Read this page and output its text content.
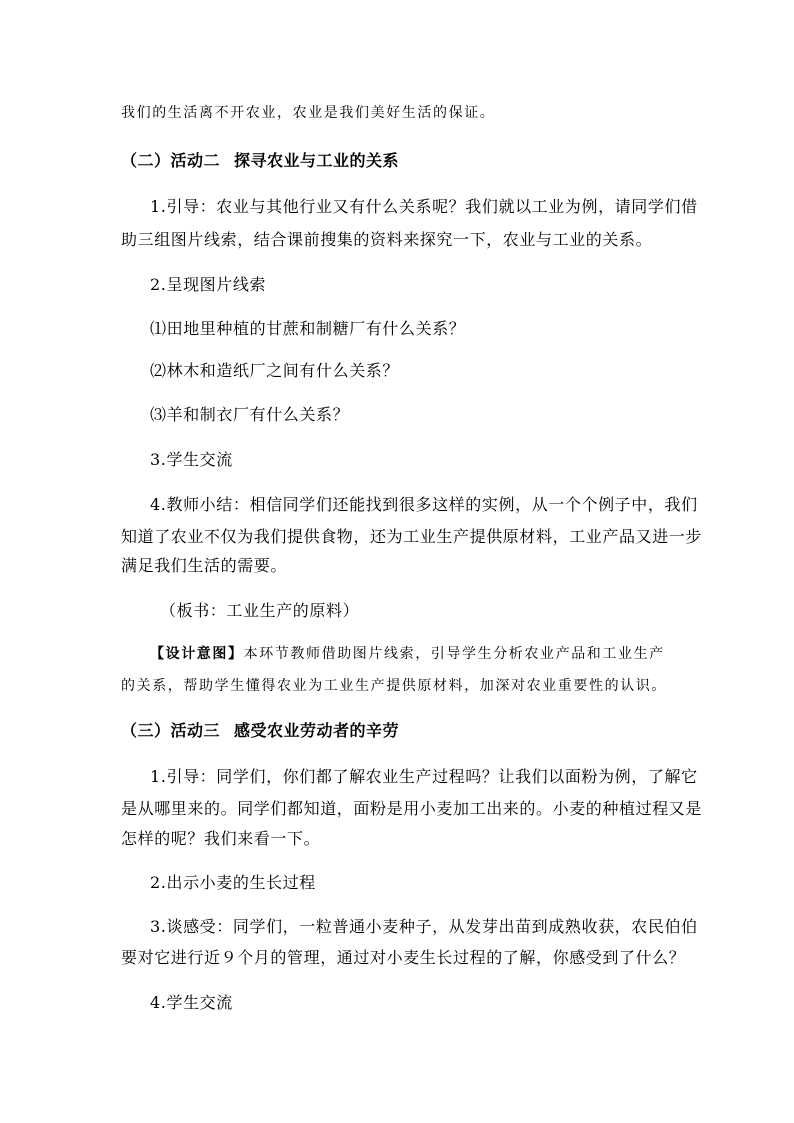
我们的生活离不开农业，农业是我们美好生活的保证。
（二）活动二 探寻农业与工业的关系
1.引导：农业与其他行业又有什么关系呢？我们就以工业为例，请同学们借
助三组图片线索，结合课前搜集的资料来探究一下，农业与工业的关系。
2.呈现图片线索
⑴田地里种植的甘蔗和制糖厂有什么关系？
⑵林木和造纸厂之间有什么关系？
⑶羊和制衣厂有什么关系？
3.学生交流
4.教师小结：相信同学们还能找到很多这样的实例，从一个个例子中，我们
知道了农业不仅为我们提供食物，还为工业生产提供原材料，工业产品又进一步
满足我们生活的需要。
（板书：工业生产的原料）
【设计意图】本环节教师借助图片线索，引导学生分析农业产品和工业生产
的关系，帮助学生懂得农业为工业生产提供原材料，加深对农业重要性的认识。
（三）活动三 感受农业劳动者的辛劳
1.引导：同学们，你们都了解农业生产过程吗？让我们以面粉为例，了解它
是从哪里来的。同学们都知道，面粉是用小麦加工出来的。小麦的种植过程又是
怎样的呢？我们来看一下。
2.出示小麦的生长过程
3.谈感受：同学们，一粒普通小麦种子，从发芽出苗到成熟收获，农民伯伯
要对它进行近９个月的管理，通过对小麦生长过程的了解，你感受到了什么？
4.学生交流
